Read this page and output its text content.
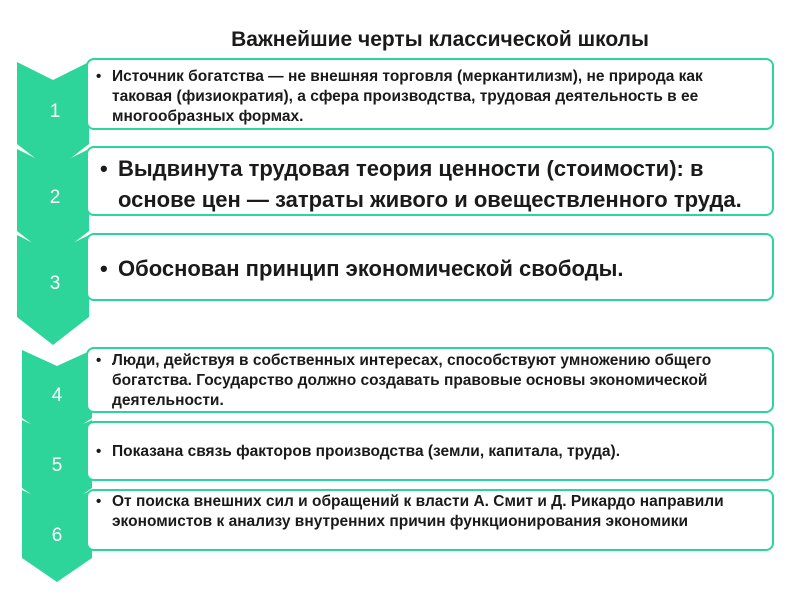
Важнейшие черты классической школы
1
2
3
4
5
6
• Источник богатства — не внешняя торговля (меркантилизм), не природа как таковая (физиократия), а сфера производства, трудовая деятельность в ее многообразных формах.
• Выдвинута трудовая теория ценности (стоимости): в основе цен — затраты живого и овеществленного труда.
• Обоснован принцип экономической свободы.
• Люди, действуя в собственных интересах, способствуют умножению общего богатства. Государство должно создавать правовые основы экономической деятельности.
• Показана связь факторов производства (земли, капитала, труда).
• От поиска внешних сил и обращений к власти А. Смит и Д. Рикардо направили экономистов к анализу внутренних причин функционирования экономики
